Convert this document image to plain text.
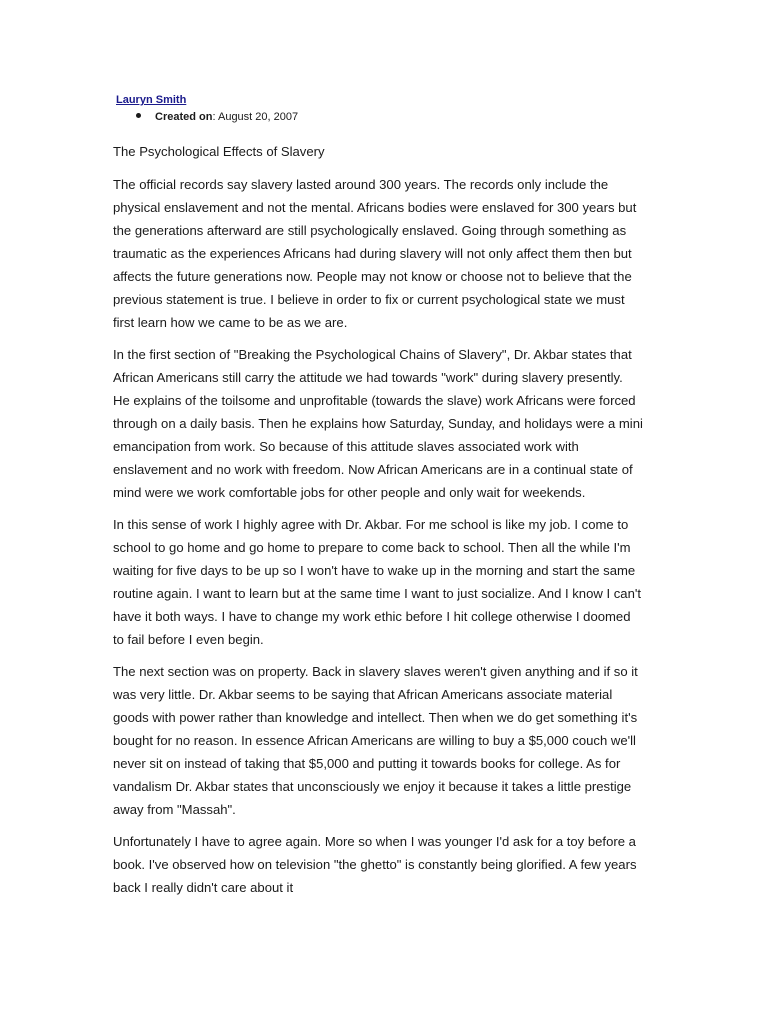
Lauryn Smith
Created on: August 20, 2007
The Psychological Effects of Slavery

The official records say slavery lasted around 300 years. The records only include the physical enslavement and not the mental. Africans bodies were enslaved for 300 years but the generations afterward are still psychologically enslaved. Going through something as traumatic as the experiences Africans had during slavery will not only affect them then but affects the future generations now. People may not know or choose not to believe that the previous statement is true. I believe in order to fix or current psychological state we must first learn how we came to be as we are.

In the first section of "Breaking the Psychological Chains of Slavery", Dr. Akbar states that African Americans still carry the attitude we had towards "work" during slavery presently. He explains of the toilsome and unprofitable (towards the slave) work Africans were forced through on a daily basis. Then he explains how Saturday, Sunday, and holidays were a mini emancipation from work. So because of this attitude slaves associated work with enslavement and no work with freedom. Now African Americans are in a continual state of mind were we work comfortable jobs for other people and only wait for weekends.

In this sense of work I highly agree with Dr. Akbar. For me school is like my job. I come to school to go home and go home to prepare to come back to school. Then all the while I'm waiting for five days to be up so I won't have to wake up in the morning and start the same routine again. I want to learn but at the same time I want to just socialize. And I know I can't have it both ways. I have to change my work ethic before I hit college otherwise I doomed to fail before I even begin.

The next section was on property. Back in slavery slaves weren't given anything and if so it was very little. Dr. Akbar seems to be saying that African Americans associate material goods with power rather than knowledge and intellect. Then when we do get something it's bought for no reason. In essence African Americans are willing to buy a $5,000 couch we'll never sit on instead of taking that $5,000 and putting it towards books for college. As for vandalism Dr. Akbar states that unconsciously we enjoy it because it takes a little prestige away from "Massah".

Unfortunately I have to agree again. More so when I was younger I'd ask for a toy before a book. I've observed how on television "the ghetto" is constantly being glorified. A few years back I really didn't care about it
